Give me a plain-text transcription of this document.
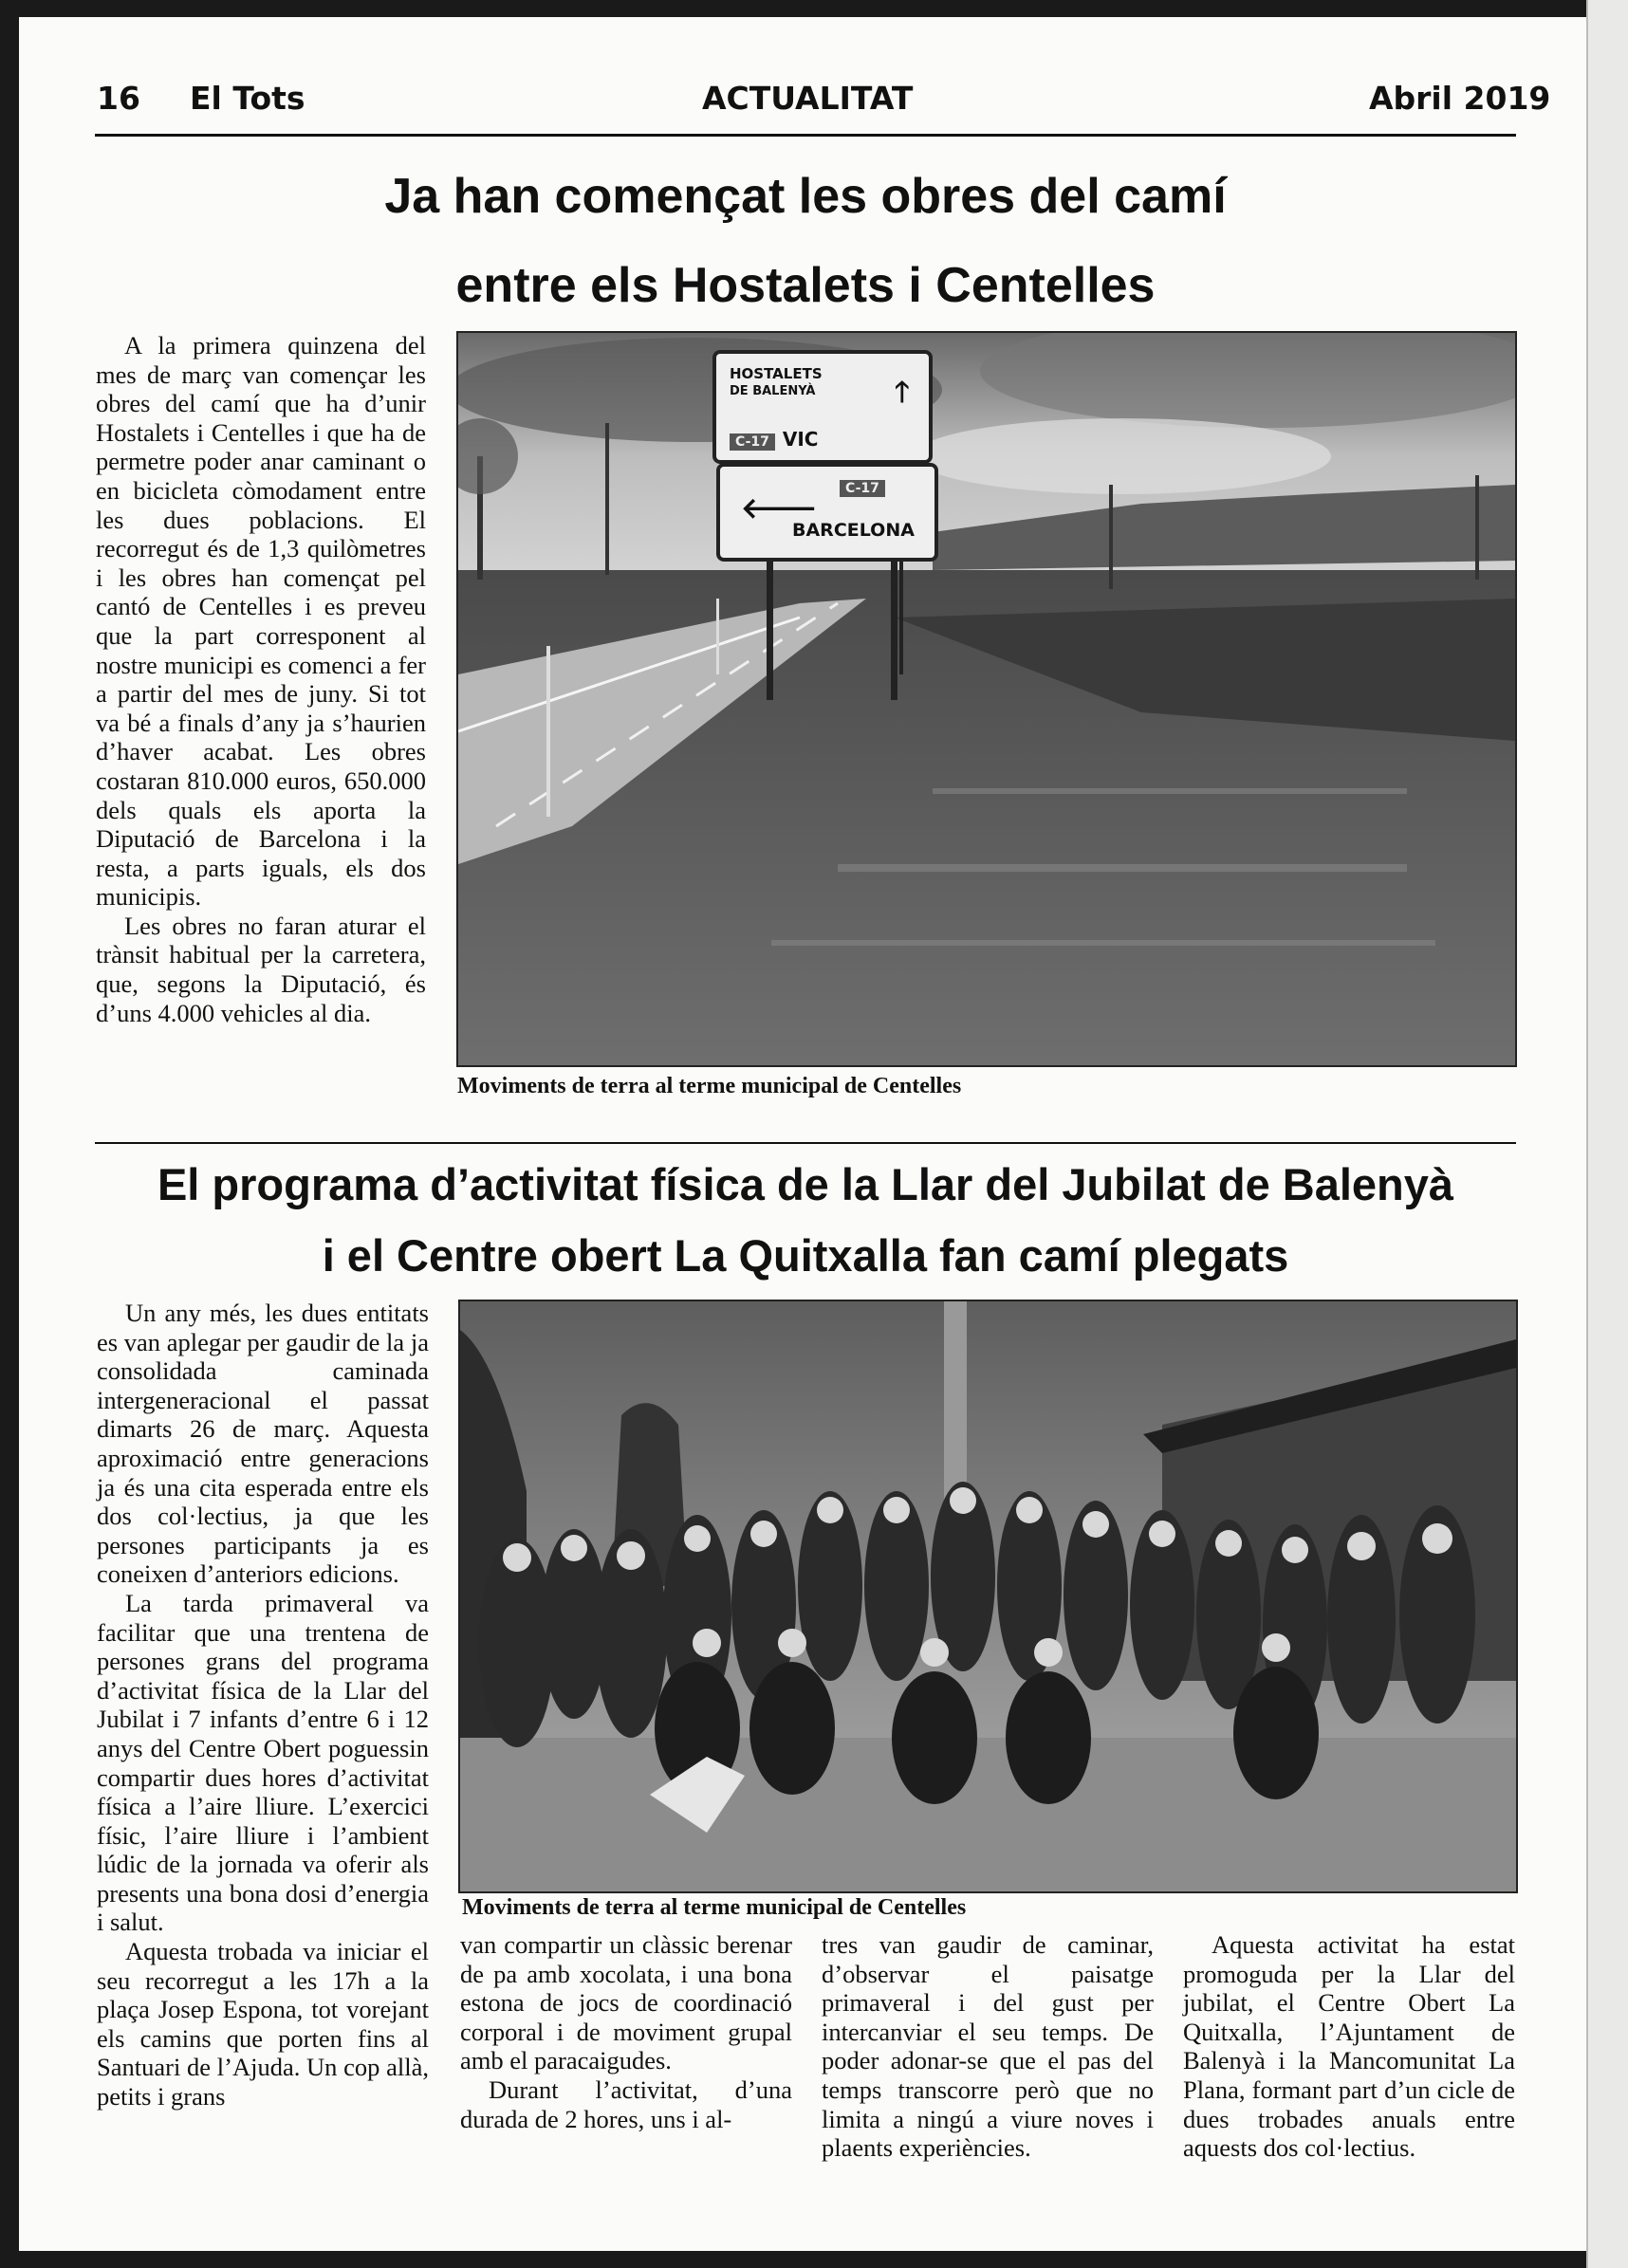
16 El Tots	ACTUALITAT	Abril 2019
Ja han començat les obres del camí
entre els Hostalets i Centelles

A la primera quinzena del mes de març van començar les obres del camí que ha d’unir Hostalets i Centelles i que ha de permetre poder anar caminant o en bicicleta còmodament entre les dues poblacions. El recorregut és de 1,3 quilòmetres i les obres han començat pel cantó de Centelles i es preveu que la part corresponent al nostre municipi es comenci a fer a partir del mes de juny. Si tot va bé a finals d’any ja s’haurien d’haver acabat. Les obres costaran 810.000 euros, 650.000 dels quals els aporta la Diputació de Barcelona i la resta, a parts iguals, els dos municipis.

Les obres no faran aturar el trànsit habitual per la carretera, que, segons la Diputació, és d’uns 4.000 vehicles al dia.

HOSTALETS
DE BALENYÀ	🡑
C-17 VIC
🡐
C-17
BARCELONA
Moviments de terra al terme municipal de Centelles
El programa d’activitat física de la Llar del Jubilat de Balenyà
i el Centre obert La Quitxalla fan camí plegats

Un any més, les dues entitats es van aplegar per gaudir de la ja consolidada caminada intergeneracional el passat dimarts 26 de març. Aquesta aproximació entre generacions ja és una cita esperada entre els dos col·lectius, ja que les persones participants ja es coneixen d’anteriors edicions.

La tarda primaveral va facilitar que una trentena de persones grans del programa d’activitat física de la Llar del Jubilat i 7 infants d’entre 6 i 12 anys del Centre Obert poguessin compartir dues hores d’activitat física a l’aire lliure. L’exercici físic, l’aire lliure i l’ambient lúdic de la jornada va oferir als presents una bona dosi d’energia i salut.

Aquesta trobada va iniciar el seu recorregut a les 17h a la plaça Josep Espona, tot vorejant els camins que porten fins al Santuari de l’Ajuda. Un cop allà, petits i grans

Moviments de terra al terme municipal de Centelles

van compartir un clàssic berenar de pa amb xocolata, i una bona estona de jocs de coordinació corporal i de moviment grupal amb el paracaigudes.

Durant l’activitat, d’una durada de 2 hores, uns i al-

tres van gaudir de caminar, d’observar el paisatge primaveral i del gust per intercanviar el seu temps. De poder adonar-se que el pas del temps transcorre però que no limita a ningú a viure noves i plaents experiències.

Aquesta activitat ha estat promoguda per la Llar del jubilat, el Centre Obert La Quitxalla, l’Ajuntament de Balenyà i la Mancomunitat La Plana, formant part d’un cicle de dues trobades anuals entre aquests dos col·lectius.
